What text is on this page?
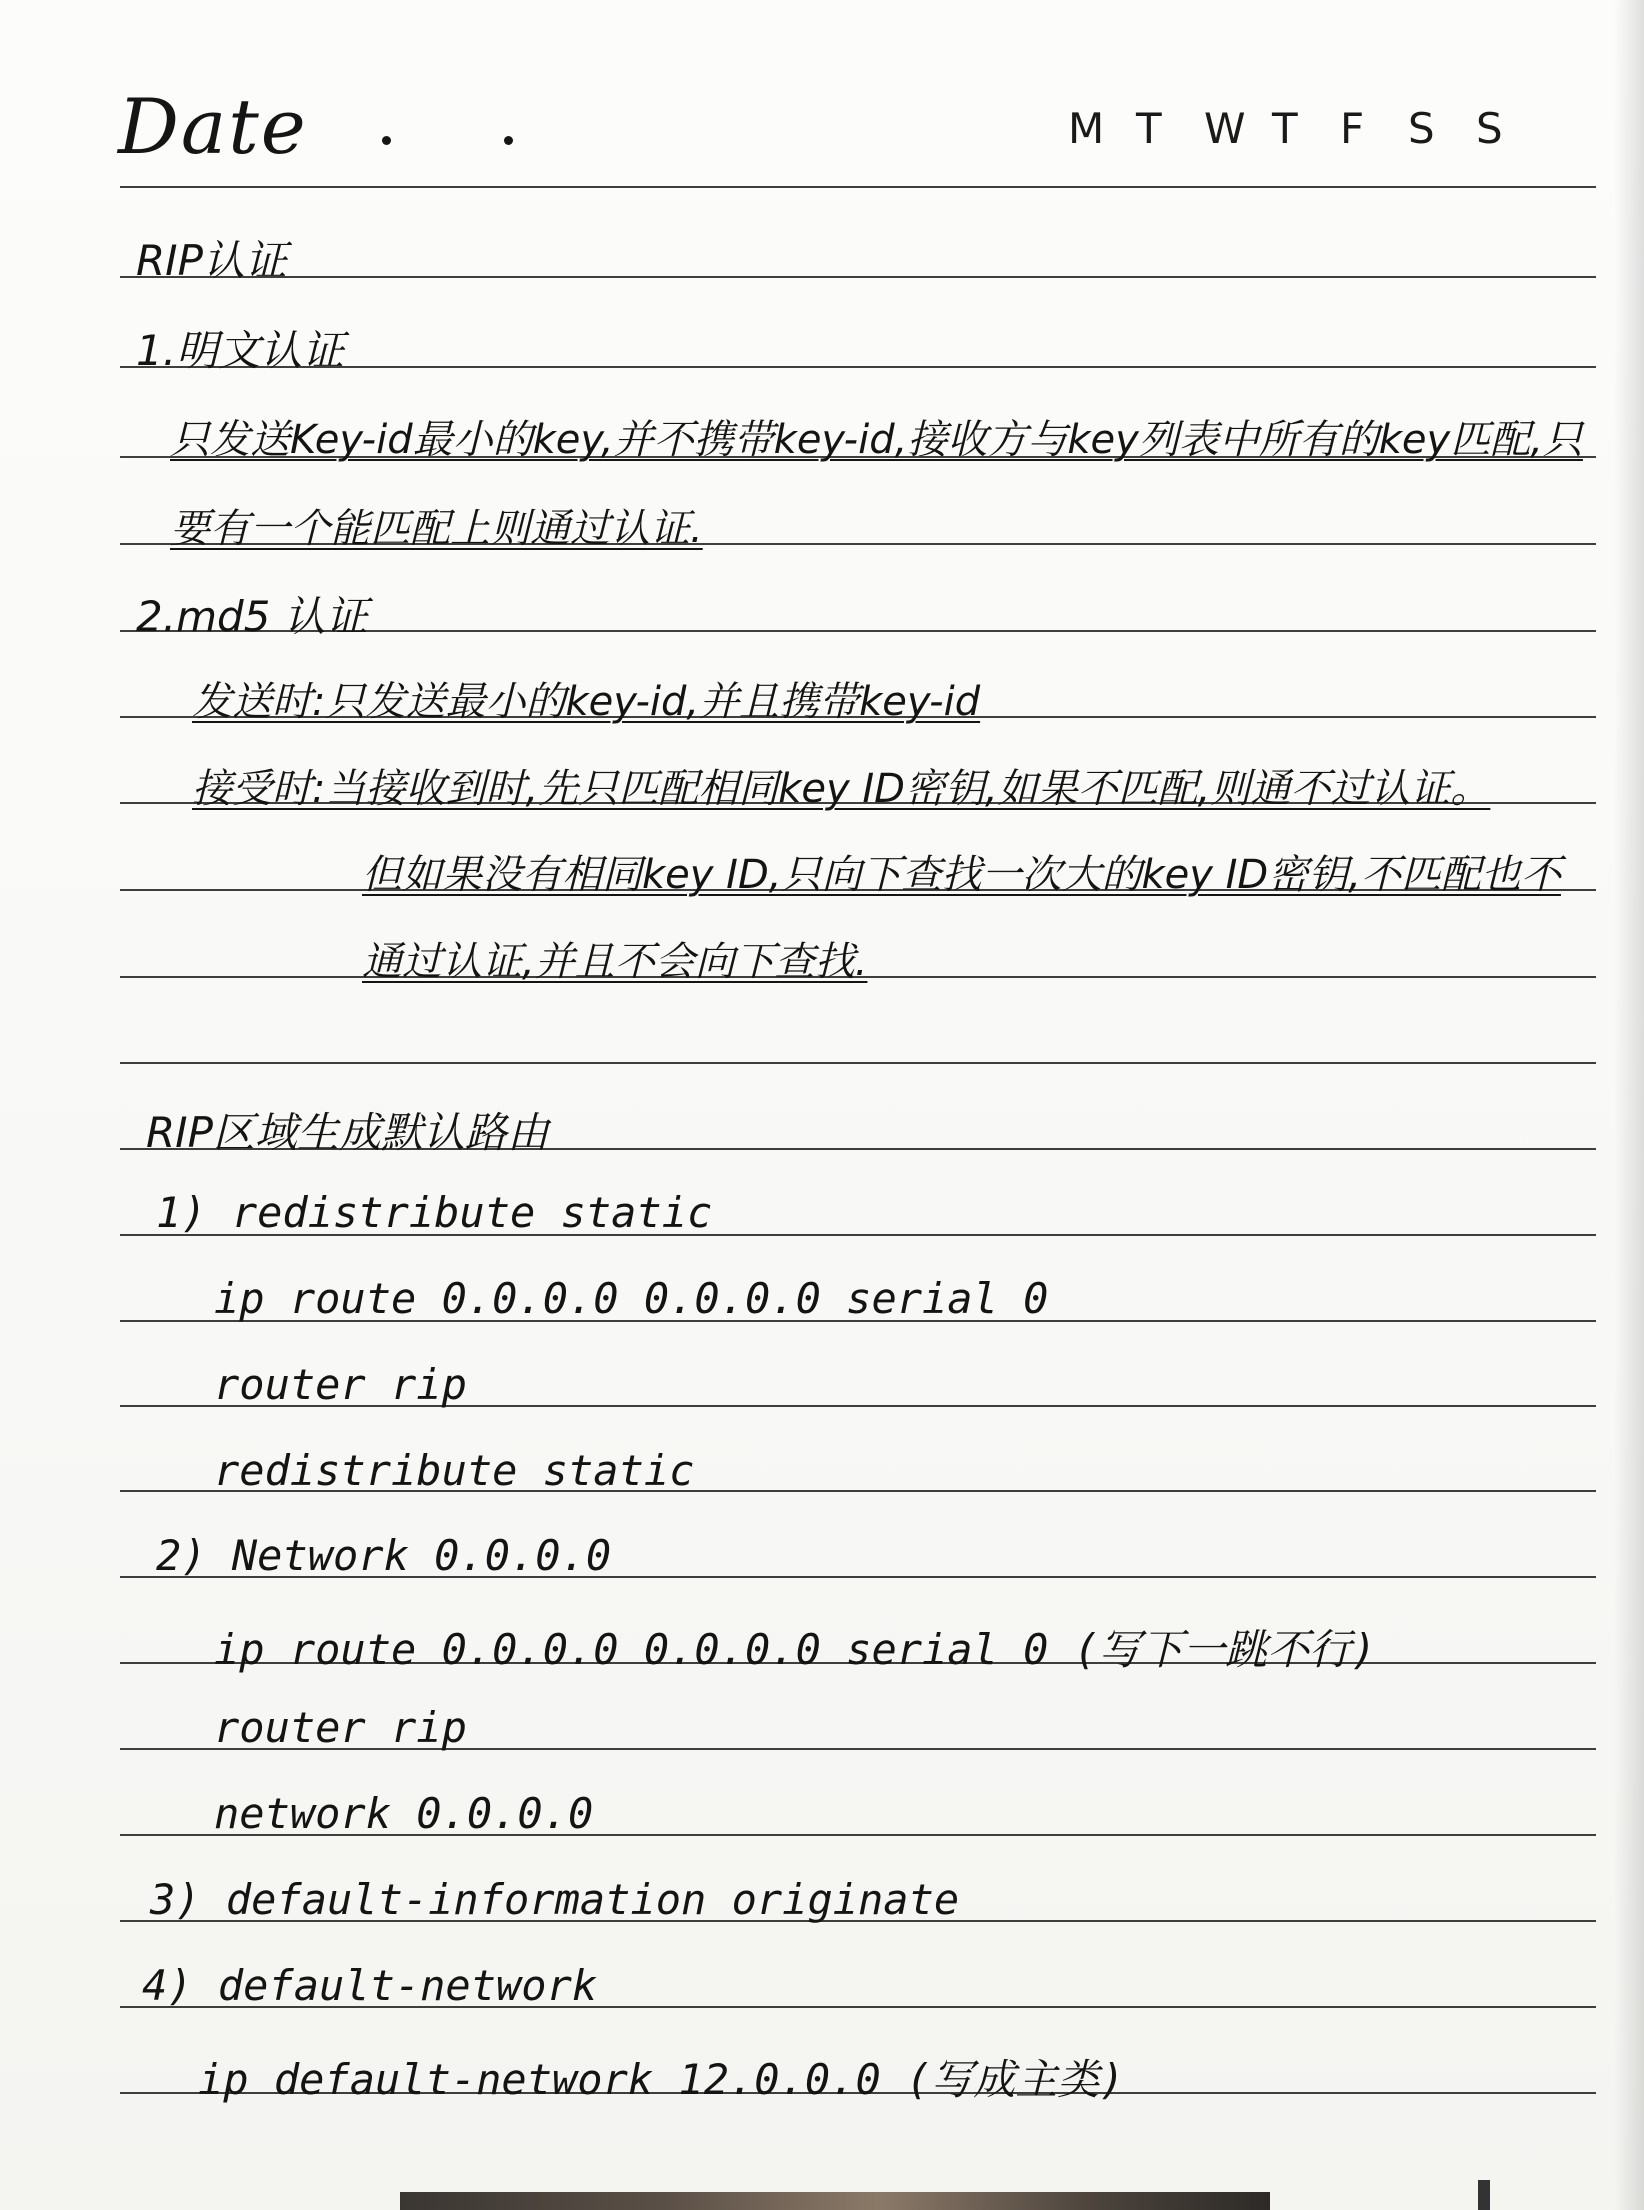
Date	M T	W T	F	S S
RIP认证
1.明文认证
只发送Key-id最小的key,并不携带key-id,接收方与key列表中所有的key匹配,只
要有一个能匹配上则通过认证.
2.md5 认证
发送时:只发送最小的key-id,并且携带key-id
接受时:当接收到时,先只匹配相同key ID密钥,如果不匹配,则通不过认证。
但如果没有相同key ID,只向下查找一次大的key ID密钥,不匹配也不
通过认证,并且不会向下查找.
RIP区域生成默认路由
1) redistribute static
ip route 0.0.0.0 0.0.0.0 serial 0
router rip
redistribute static
2) Network 0.0.0.0
ip route 0.0.0.0 0.0.0.0 serial 0 (写下一跳不行)
router rip
network 0.0.0.0
3) default-information originate
4) default-network
ip default-network 12.0.0.0 (写成主类)
